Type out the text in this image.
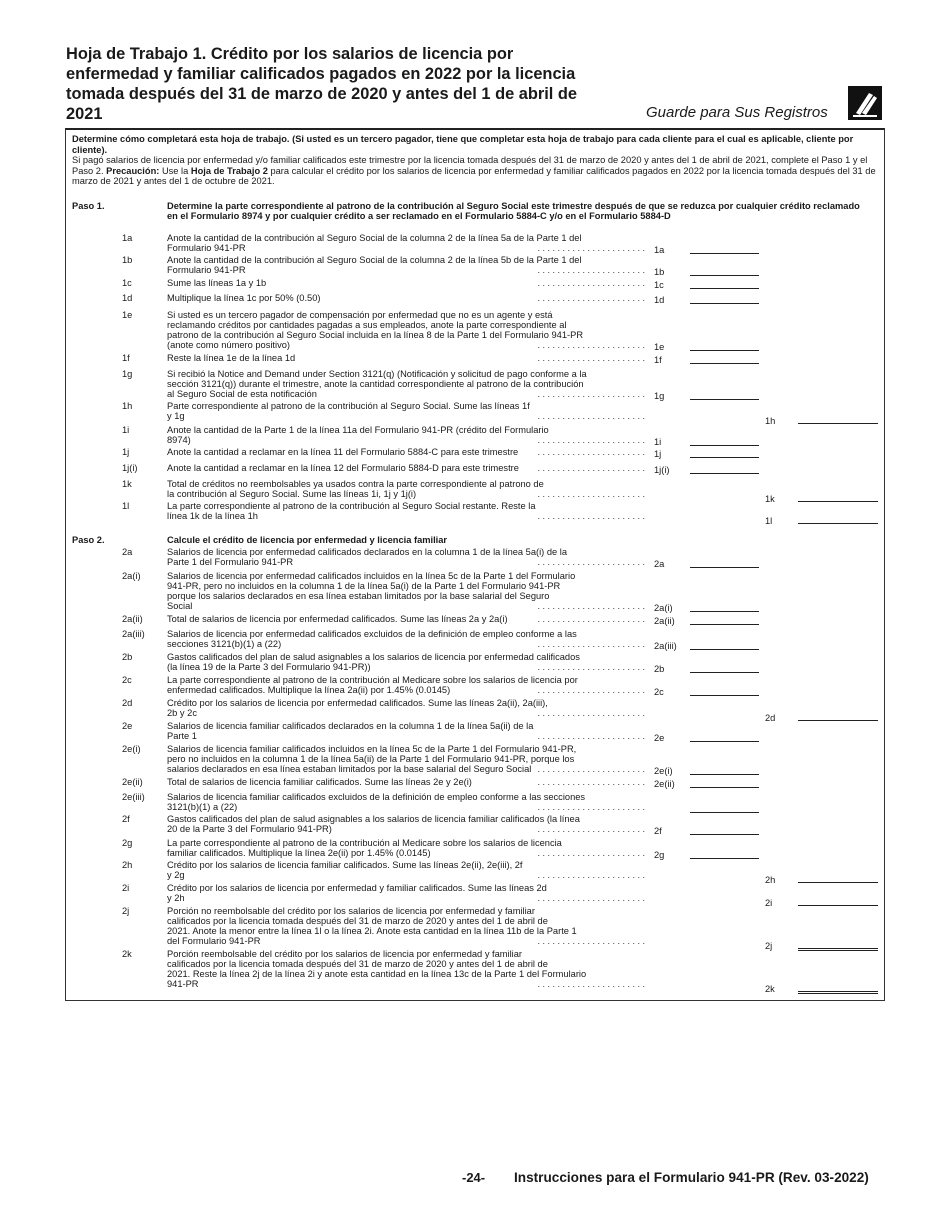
Hoja de Trabajo 1. Crédito por los salarios de licencia por enfermedad y familiar calificados pagados en 2022 por la licencia tomada después del 31 de marzo de 2020 y antes del 1 de abril de 2021	Guarde para Sus Registros

Determine cómo completará esta hoja de trabajo. (Si usted es un tercero pagador, tiene que completar esta hoja de trabajo para cada cliente para el cual es aplicable, cliente por cliente).

Si pagó salarios de licencia por enfermedad y/o familiar calificados este trimestre por la licencia tomada después del 31 de marzo de 2020 y antes del 1 de abril de 2021, complete el Paso 1 y el Paso 2. Precaución: Use la Hoja de Trabajo 2 para calcular el crédito por los salarios de licencia por enfermedad y familiar calificados pagados en 2022 por la licencia tomada después del 31 de marzo de 2021 y antes del 1 de octubre de 2021.

Paso 1.	Determine la parte correspondiente al patrono de la contribución al Seguro Social este trimestre después de que se reduzca por cualquier crédito reclamado en el Formulario 8974 y por cualquier crédito a ser reclamado en el Formulario 5884-C y/o en el Formulario 5884-D
1a	Anote la cantidad de la contribución al Seguro Social de la columna 2 de la línea 5a de la Parte 1 del
Formulario 941-PR	. . . . . . . . . . . . . . . . . . . . . . 1a
1b	Anote la cantidad de la contribución al Seguro Social de la columna 2 de la línea 5b de la Parte 1 del
Formulario 941-PR	. . . . . . . . . . . . . . . . . . . . . . 1b
1c	Sume las líneas 1a y 1b	. . . . . . . . . . . . . . . . . . . . . . 1c
1d	Multiplique la línea 1c por 50% (0.50)	. . . . . . . . . . . . . . . . . . . . . . 1d
1e	Si usted es un tercero pagador de compensación por enfermedad que no es un agente y está
reclamando créditos por cantidades pagadas a sus empleados, anote la parte correspondiente al
patrono de la contribución al Seguro Social incluida en la línea 8 de la Parte 1 del Formulario 941-PR
(anote como número positivo)	. . . . . . . . . . . . . . . . . . . . . . 1e
1f	Reste la línea 1e de la línea 1d	. . . . . . . . . . . . . . . . . . . . . . 1f
1g	Si recibió la Notice and Demand under Section 3121(q) (Notificación y solicitud de pago conforme a la
sección 3121(q)) durante el trimestre, anote la cantidad correspondiente al patrono de la contribución
al Seguro Social de esta notificación	. . . . . . . . . . . . . . . . . . . . . . 1g
1h	Parte correspondiente al patrono de la contribución al Seguro Social. Sume las líneas 1f
y 1g	. . . . . . . . . . . . . . . . . . . . . .	1h
1i	Anote la cantidad de la Parte 1 de la línea 11a del Formulario 941-PR (crédito del Formulario
8974)	. . . . . . . . . . . . . . . . . . . . . . 1i
1j	Anote la cantidad a reclamar en la línea 11 del Formulario 5884-C para este trimestre	. . . . . . . . . . . . . . . . . . . . . . 1j
1j(i)	Anote la cantidad a reclamar en la línea 12 del Formulario 5884-D para este trimestre	. . . . . . . . . . . . . . . . . . . . . . 1j(i)
1k	Total de créditos no reembolsables ya usados contra la parte correspondiente al patrono de
la contribución al Seguro Social. Sume las líneas 1i, 1j y 1j(i)	. . . . . . . . . . . . . . . . . . . . . .	1k
1l	La parte correspondiente al patrono de la contribución al Seguro Social restante. Reste la
línea 1k de la línea 1h	. . . . . . . . . . . . . . . . . . . . . .	1l
Paso 2.	Calcule el crédito de licencia por enfermedad y licencia familiar
2a	Salarios de licencia por enfermedad calificados declarados en la columna 1 de la línea 5a(i) de la
Parte 1 del Formulario 941-PR	. . . . . . . . . . . . . . . . . . . . . . 2a
2a(i)	Salarios de licencia por enfermedad calificados incluidos en la línea 5c de la Parte 1 del Formulario
941-PR, pero no incluidos en la columna 1 de la línea 5a(i) de la Parte 1 del Formulario 941-PR
porque los salarios declarados en esa línea estaban limitados por la base salarial del Seguro
Social	. . . . . . . . . . . . . . . . . . . . . . 2a(i)
2a(ii)	Total de salarios de licencia por enfermedad calificados. Sume las líneas 2a y 2a(i)	. . . . . . . . . . . . . . . . . . . . . . 2a(ii)
2a(iii) Salarios de licencia por enfermedad calificados excluidos de la definición de empleo conforme a las
secciones 3121(b)(1) a (22)	. . . . . . . . . . . . . . . . . . . . . . 2a(iii)
2b	Gastos calificados del plan de salud asignables a los salarios de licencia por enfermedad calificados
(la línea 19 de la Parte 3 del Formulario 941-PR))	. . . . . . . . . . . . . . . . . . . . . . 2b
2c	La parte correspondiente al patrono de la contribución al Medicare sobre los salarios de licencia por
enfermedad calificados. Multiplique la línea 2a(ii) por 1.45% (0.0145)	. . . . . . . . . . . . . . . . . . . . . . 2c
2d	Crédito por los salarios de licencia por enfermedad calificados. Sume las líneas 2a(ii), 2a(iii),
2b y 2c	. . . . . . . . . . . . . . . . . . . . . .	2d
2e	Salarios de licencia familiar calificados declarados en la columna 1 de la línea 5a(ii) de la
Parte 1	. . . . . . . . . . . . . . . . . . . . . . 2e
2e(i)	Salarios de licencia familiar calificados incluidos en la línea 5c de la Parte 1 del Formulario 941-PR,
pero no incluidos en la columna 1 de la línea 5a(ii) de la Parte 1 del Formulario 941-PR, porque los
salarios declarados en esa línea estaban limitados por la base salarial del Seguro Social . . . . . . . . . . . . . . . . . . . . . . 2e(i)
2e(ii)	Total de salarios de licencia familiar calificados. Sume las líneas 2e y 2e(i)	. . . . . . . . . . . . . . . . . . . . . . 2e(ii)
2e(iii) Salarios de licencia familiar calificados excluidos de la definición de empleo conforme a las secciones
3121(b)(1) a (22)	. . . . . . . . . . . . . . . . . . . . . .
2f	Gastos calificados del plan de salud asignables a los salarios de licencia familiar calificados (la línea
20 de la Parte 3 del Formulario 941-PR)	. . . . . . . . . . . . . . . . . . . . . . 2f
2g	La parte correspondiente al patrono de la contribución al Medicare sobre los salarios de licencia
familiar calificados. Multiplique la línea 2e(ii) por 1.45% (0.0145)	. . . . . . . . . . . . . . . . . . . . . . 2g
2h	Crédito por los salarios de licencia familiar calificados. Sume las líneas 2e(ii), 2e(iii), 2f
y 2g	. . . . . . . . . . . . . . . . . . . . . .	2h
2i	Crédito por los salarios de licencia por enfermedad y familiar calificados. Sume las líneas 2d
y 2h	. . . . . . . . . . . . . . . . . . . . . .	2i
2j	Porción no reembolsable del crédito por los salarios de licencia por enfermedad y familiar
calificados por la licencia tomada después del 31 de marzo de 2020 y antes del 1 de abril de
2021. Anote la menor entre la línea 1l o la línea 2i. Anote esta cantidad en la línea 11b de la Parte 1
del Formulario 941-PR	. . . . . . . . . . . . . . . . . . . . . .	2j
2k	Porción reembolsable del crédito por los salarios de licencia por enfermedad y familiar
calificados por la licencia tomada después del 31 de marzo de 2020 y antes del 1 de abril de
2021. Reste la línea 2j de la línea 2i y anote esta cantidad en la línea 13c de la Parte 1 del Formulario
941-PR	. . . . . . . . . . . . . . . . . . . . . .	2k
-24- Instrucciones para el Formulario 941-PR (Rev. 03-2022)
